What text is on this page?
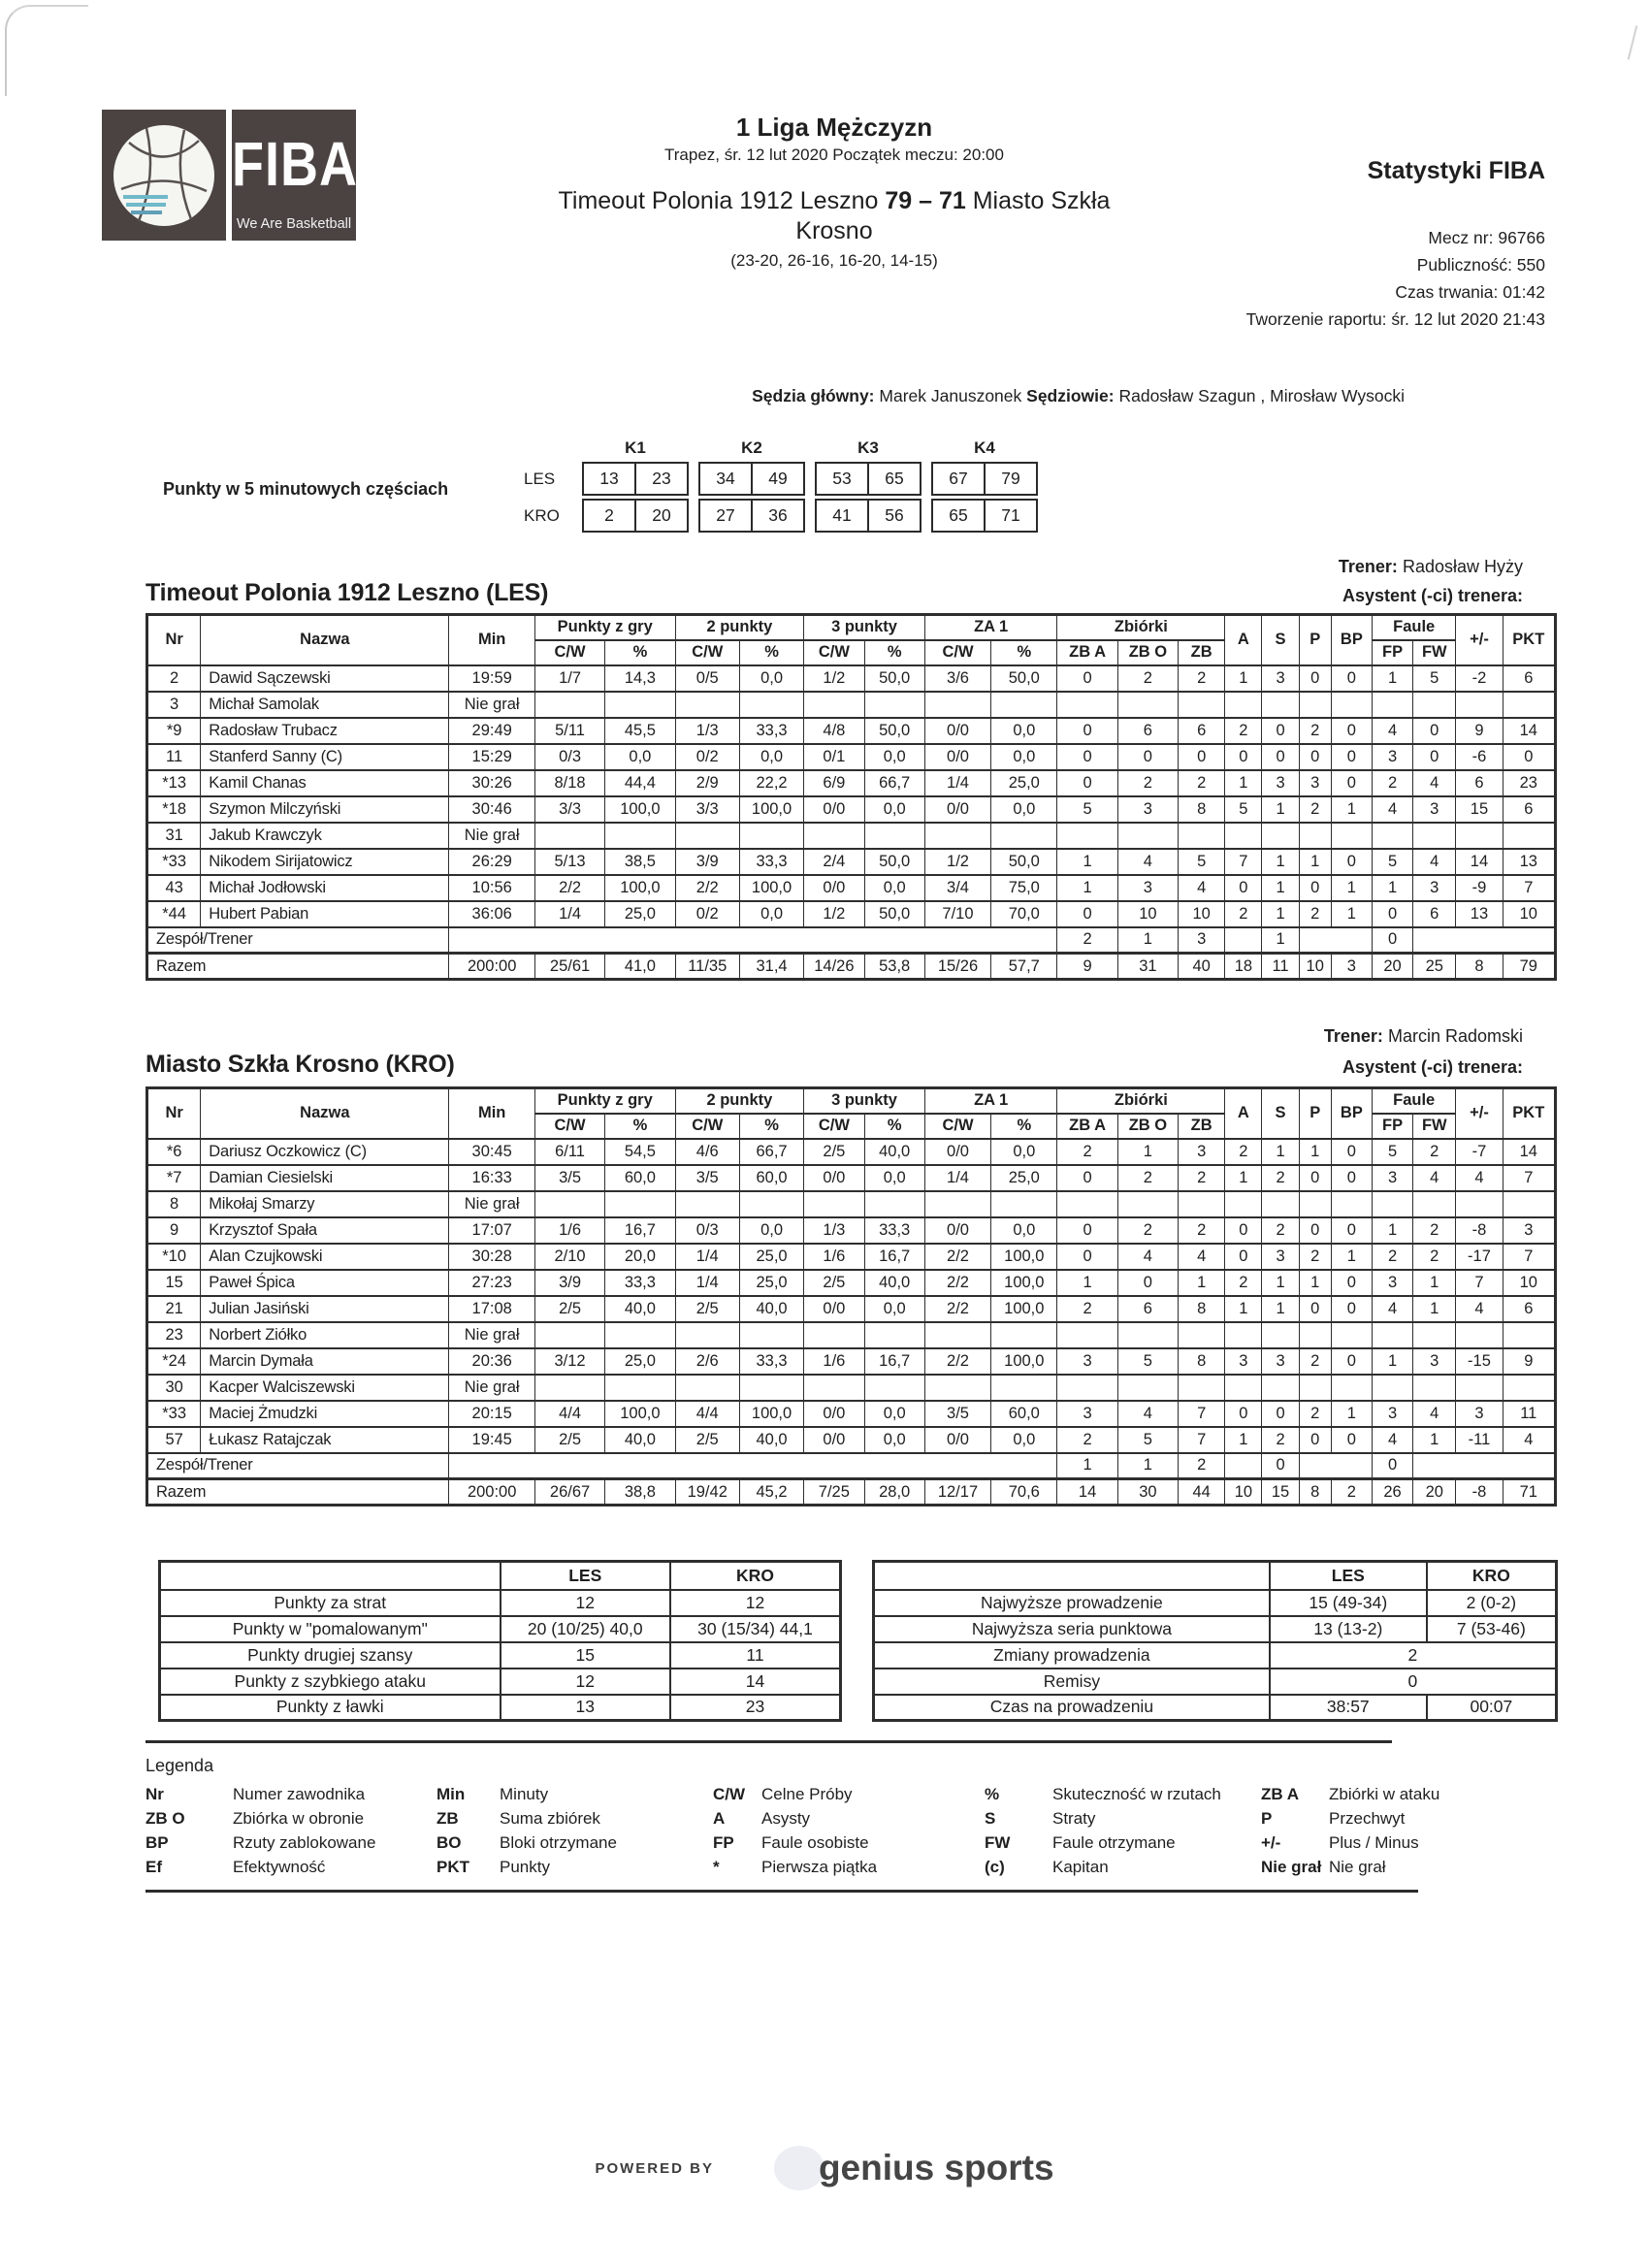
FIBA
We Are Basketball
1 Liga Mężczyzn
Trapez, śr. 12 lut 2020 Początek meczu: 20:00
Timeout Polonia 1912 Leszno 79 – 71 Miasto Szkła
Krosno
(23-20, 26-16, 16-20, 14-15)
Statystyki FIBA
Mecz nr: 96766
Publiczność: 550
Czas trwania: 01:42
Tworzenie raportu: śr. 12 lut 2020 21:43
Sędzia główny: Marek Januszonek Sędziowie: Radosław Szagun , Mirosław Wysocki
Punkty w 5 minutowych częściach
K1	K2	K3	K4
LES	13	23	34	49	53	65	67	79
KRO	2	20	27	36	41	56	65	71
Trener: Radosław Hyży
Timeout Polonia 1912 Leszno (LES)	Asystent (-ci) trenera:
Nr	Nazwa	Min	Punkty z gry		2 punkty		3 punkty		ZA 1		Zbiórki			A	S	P	BP	Faule		+/-	PKT
			C/W	%	C/W	%	C/W	%	C/W	%	ZB A	ZB O	ZB					FP	FW		
2	Dawid Sączewski	19:59	1/7	14,3	0/5	0,0	1/2	50,0	3/6	50,0	0	2	2	1	3	0	0	1	5	-2	6
3	Michał Samolak	Nie grał																			
*9	Radosław Trubacz	29:49	5/11	45,5	1/3	33,3	4/8	50,0	0/0	0,0	0	6	6	2	0	2	0	4	0	9	14
11	Stanferd Sanny (C)	15:29	0/3	0,0	0/2	0,0	0/1	0,0	0/0	0,0	0	0	0	0	0	0	0	3	0	-6	0
*13	Kamil Chanas	30:26	8/18	44,4	2/9	22,2	6/9	66,7	1/4	25,0	0	2	2	1	3	3	0	2	4	6	23
*18	Szymon Milczyński	30:46	3/3	100,0	3/3	100,0	0/0	0,0	0/0	0,0	5	3	8	5	1	2	1	4	3	15	6
31	Jakub Krawczyk	Nie grał																			
*33	Nikodem Sirijatowicz	26:29	5/13	38,5	3/9	33,3	2/4	50,0	1/2	50,0	1	4	5	7	1	1	0	5	4	14	13
43	Michał Jodłowski	10:56	2/2	100,0	2/2	100,0	0/0	0,0	3/4	75,0	1	3	4	0	1	0	1	1	3	-9	7
*44	Hubert Pabian	36:06	1/4	25,0	0/2	0,0	1/2	50,0	7/10	70,0	0	10	10	2	1	2	1	0	6	13	10
Zespół/Trener											2	1	3		1			0			
Razem		200:00	25/61	41,0	11/35	31,4	14/26	53,8	15/26	57,7	9	31	40	18	11	10	3	20	25	8	79
Trener: Marcin Radomski
Miasto Szkła Krosno (KRO)	Asystent (-ci) trenera:
Nr	Nazwa	Min	Punkty z gry		2 punkty		3 punkty		ZA 1		Zbiórki			A	S	P	BP	Faule		+/-	PKT
			C/W	%	C/W	%	C/W	%	C/W	%	ZB A	ZB O	ZB					FP	FW		
*6	Dariusz Oczkowicz (C)	30:45	6/11	54,5	4/6	66,7	2/5	40,0	0/0	0,0	2	1	3	2	1	1	0	5	2	-7	14
*7	Damian Ciesielski	16:33	3/5	60,0	3/5	60,0	0/0	0,0	1/4	25,0	0	2	2	1	2	0	0	3	4	4	7
8	Mikołaj Smarzy	Nie grał																			
9	Krzysztof Spała	17:07	1/6	16,7	0/3	0,0	1/3	33,3	0/0	0,0	0	2	2	0	2	0	0	1	2	-8	3
*10	Alan Czujkowski	30:28	2/10	20,0	1/4	25,0	1/6	16,7	2/2	100,0	0	4	4	0	3	2	1	2	2	-17	7
15	Paweł Śpica	27:23	3/9	33,3	1/4	25,0	2/5	40,0	2/2	100,0	1	0	1	2	1	1	0	3	1	7	10
21	Julian Jasiński	17:08	2/5	40,0	2/5	40,0	0/0	0,0	2/2	100,0	2	6	8	1	1	0	0	4	1	4	6
23	Norbert Ziółko	Nie grał																			
*24	Marcin Dymała	20:36	3/12	25,0	2/6	33,3	1/6	16,7	2/2	100,0	3	5	8	3	3	2	0	1	3	-15	9
30	Kacper Walciszewski	Nie grał																			
*33	Maciej Żmudzki	20:15	4/4	100,0	4/4	100,0	0/0	0,0	3/5	60,0	3	4	7	0	0	2	1	3	4	3	11
57	Łukasz Ratajczak	19:45	2/5	40,0	2/5	40,0	0/0	0,0	0/0	0,0	2	5	7	1	2	0	0	4	1	-11	4
Zespół/Trener											1	1	2		0			0			
Razem		200:00	26/67	38,8	19/42	45,2	7/25	28,0	12/17	70,6	14	30	44	10	15	8	2	26	20	-8	71
	LES	KRO
Punkty za strat	12	12
Punkty w "pomalowanym"	20 (10/25) 40,0	30 (15/34) 44,1
Punkty drugiej szansy	15	11
Punkty z szybkiego ataku	12	14
Punkty z ławki	13	23
	LES	KRO
Najwyższe prowadzenie	15 (49-34)	2 (0-2)
Najwyższa seria punktowa	13 (13-2)	7 (53-46)
Zmiany prowadzenia	2	
Remisy	0	
Czas na prowadzeniu	38:57	00:07
Legenda
Nr	Numer zawodnika	Min	Minuty	C/W Celne Próby	%	Skuteczność w rzutach	ZB A	Zbiórki w ataku
ZB O	Zbiórka w obronie	ZB	Suma zbiórek	A	Asysty	S	Straty	P	Przechwyt
BP	Rzuty zablokowane	BO	Bloki otrzymane	FP	Faule osobiste	FW	Faule otrzymane	+/-	Plus / Minus
Ef	Efektywność	PKT	Punkty	*	Pierwsza piątka	(c)	Kapitan	Nie grał Nie grał
POWERED BY	genius sports
